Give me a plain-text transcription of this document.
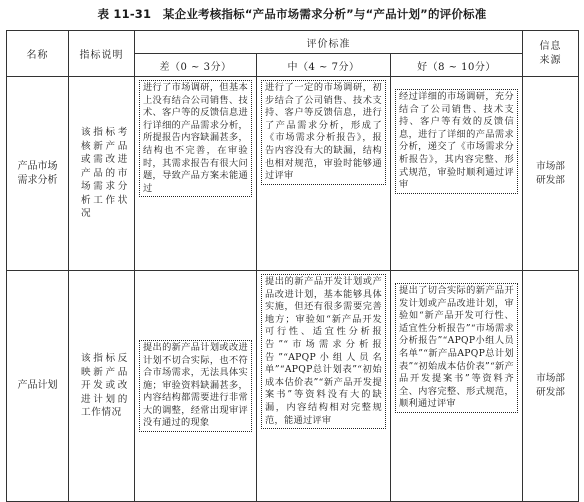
表 11-31　某企业考核指标“产品市场需求分析”与“产品计划”的评价标准
名称	指标说明	评价标准			信息来源
		差（0 ~ 3分）	中（4 ~ 7分）	好（8 ~ 10分）	
产品市场需求分析	该指标考核新产品或需改进产品的市场需求分析工作状况	进行了市场调研，但基本上没有结合公司销售、技术、客户等的反馈信息进行详细的产品需求分析，所提报告内容缺漏甚多，结构也不完善，在审验时，其需求报告有很大问题，导致产品方案未能通过	进行了一定的市场调研，初步结合了公司销售、技术支持、客户等反馈信息，进行了产品需求分析，形成了《市场需求分析报告》，报告内容没有大的缺漏，结构也相对规范，审验时能够通过评审	经过详细的市场调研，充分结合了公司销售、技术支持、客户等有效的反馈信息，进行了详细的产品需求分析，递交了《市场需求分析报告》，其内容完整、形式规范，审验时顺利通过评审	市场部研发部
产品计划	该指标反映新产品开发或改进计划的工作情况	提出的新产品计划或改进计划不切合实际，也不符合市场需求，无法具体实施；审验资料缺漏甚多，内容结构都需要进行非常大的调整，经常出现审评没有通过的现象	提出的新产品开发计划或产品改进计划，基本能够具体实施，但还有很多需要完善地方；审验如“新产品开发可行性、适宜性分析报告”“市场需求分析报告”“APQP小组人员名单”“APQP总计划表”“初始成本估价表”“新产品开发提案书”等资料没有大的缺漏，内容结构相对完整规范，能通过评审	提出了切合实际的新产品开发计划或产品改进计划，审验如“新产品开发可行性、适宜性分析报告”“市场需求分析报告”“APQP小组人员名单”“新产品APQP总计划表”“初始成本估价表”“新产品开发提案书”等资料齐全、内容完整、形式规范，顺利通过评审	市场部研发部
